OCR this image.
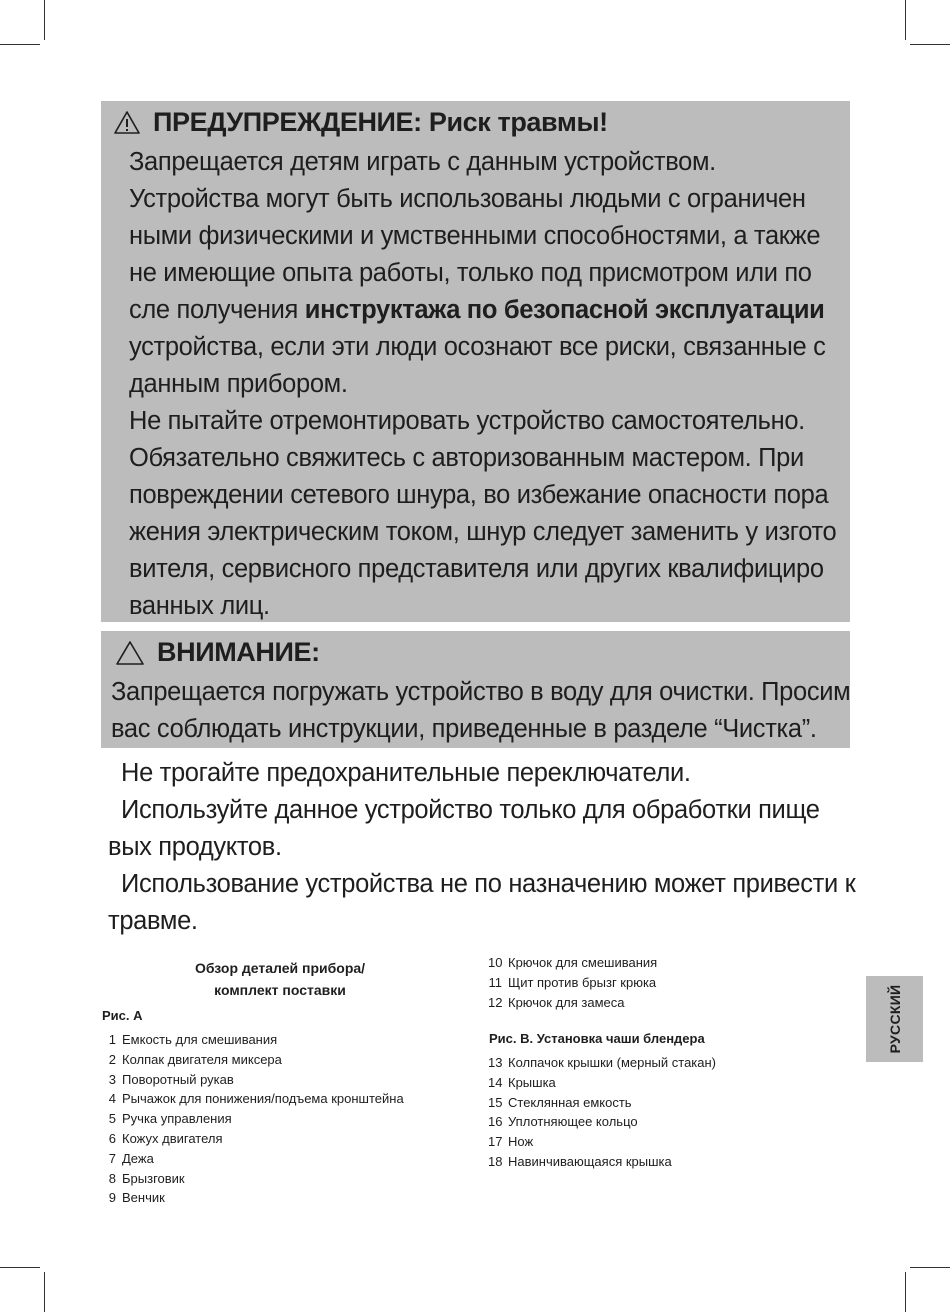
ПРЕДУПРЕЖДЕНИЕ: Риск травмы!
Запрещается детям играть с данным устройством.
Устройства могут быть использованы людьми с ограничен
ными физическими и умственными способностями, а также
не имеющие опыта работы, только под присмотром или по
сле получения инструктажа по безопасной эксплуатации
устройства, если эти люди осознают все риски, связанные с
данным прибором.
Не пытайте отремонтировать устройство самостоятельно.
Обязательно свяжитесь с авторизованным мастером. При
повреждении сетевого шнура, во избежание опасности пора
жения электрическим током, шнур следует заменить у изгото
вителя, сервисного представителя или других квалифициро
ванных лиц.
ВНИМАНИЕ:
Запрещается погружать устройство в воду для очистки. Просим
вас соблюдать инструкции, приведенные в разделе “Чистка”.
Не трогайте предохранительные переключатели.
Используйте данное устройство только для обработки пище
вых продуктов.
Использование устройства не по назначению может привести к
травме.
Обзор деталей прибора/
комплект поставки
Рис. A
1 Емкость для смешивания
2 Колпак двигателя миксера
3 Поворотный рукав
4 Рычажок для понижения/подъема кронштейна
5 Ручка управления
6 Кожух двигателя
7 Дежа
8 Брызговик
9 Венчик
10 Крючок для смешивания
11 Щит против брызг крюка
12 Крючок для замеса
Рис. B. Установка чаши блендера
13 Колпачок крышки (мерный стакан)
14 Крышка
15 Стеклянная емкость
16 Уплотняющее кольцо
17 Нож
18 Навинчивающаяся крышка
РУССКИЙ
